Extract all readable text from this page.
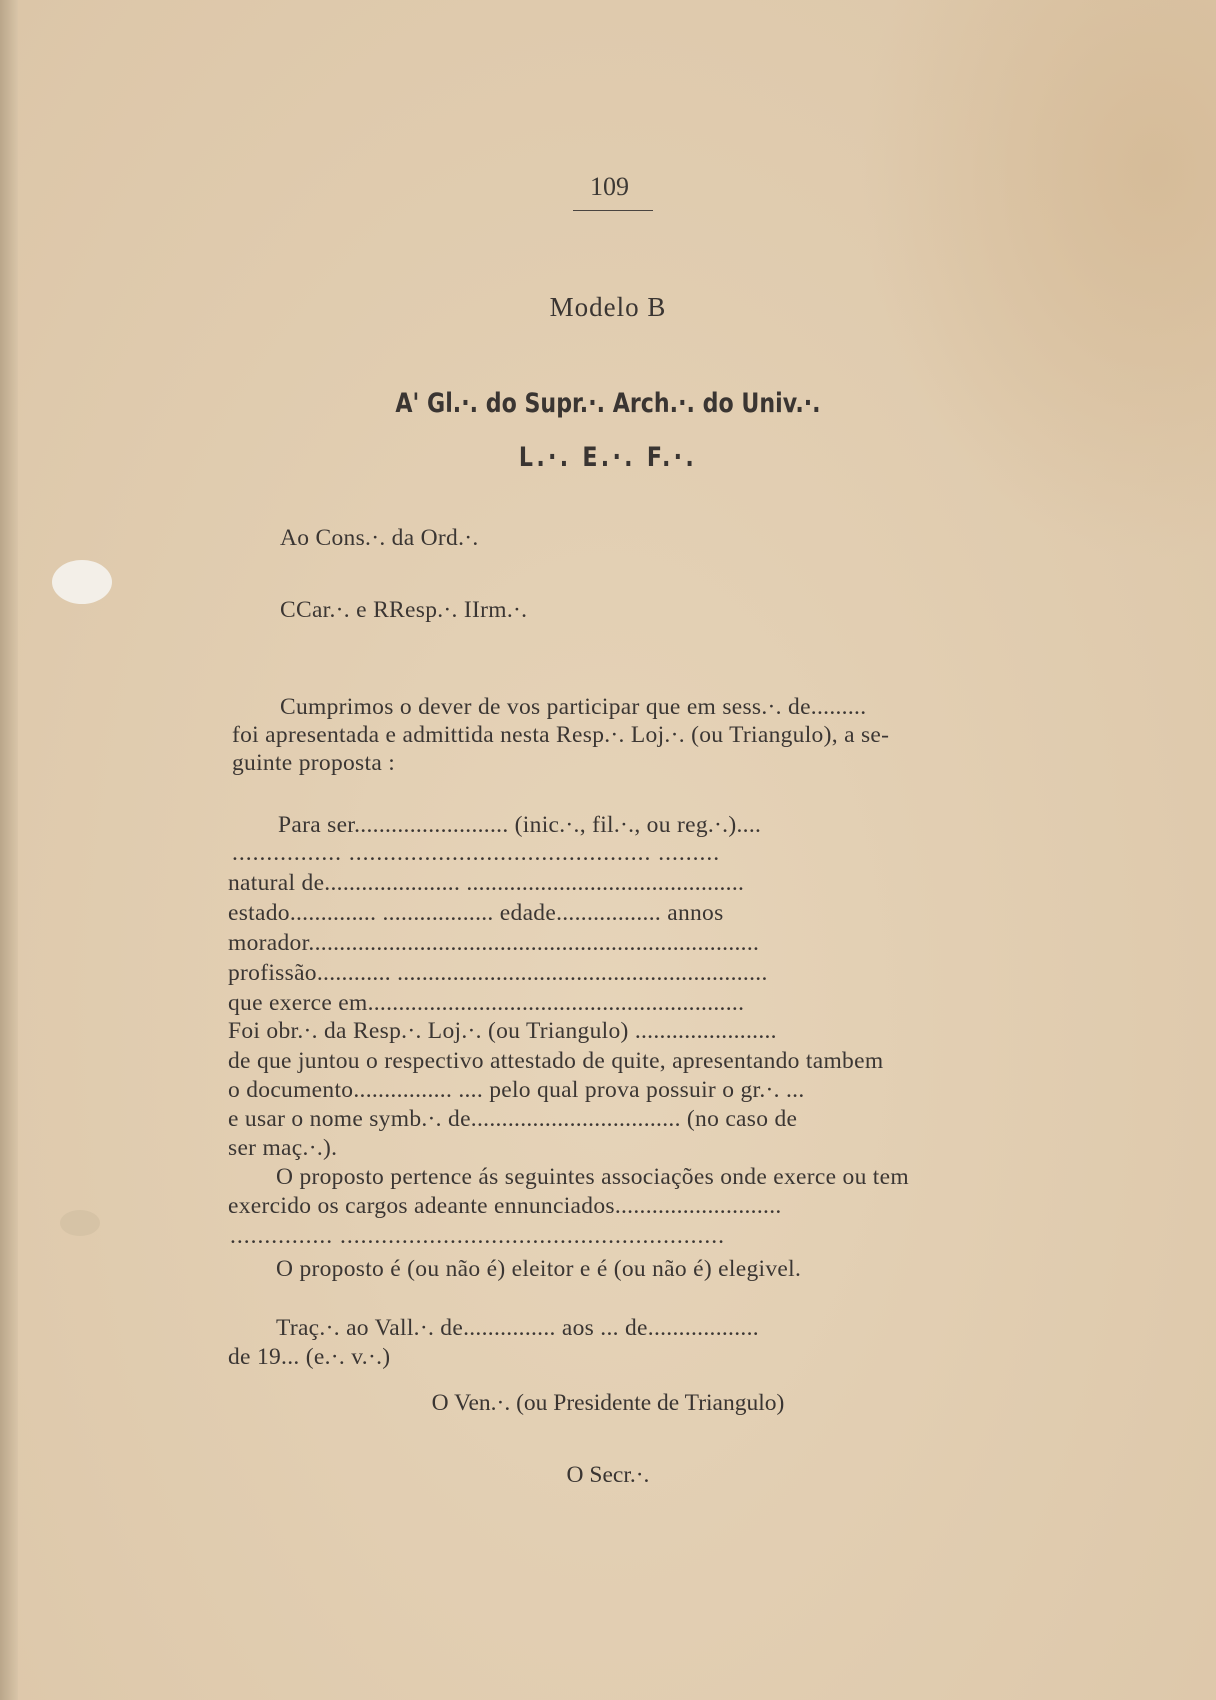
109
Modelo B
A' Gl.·. do Supr.·. Arch.·. do Univ.·.
L.·. E.·. F.·.
Ao Cons.·. da Ord.·.
CCar.·. e RResp.·. IIrm.·.
Cumprimos o dever de vos participar que em sess.·. de.........
foi apresentada e admittida nesta Resp.·. Loj.·. (ou Triangulo), a se-
guinte proposta :
Para ser......................... (inic.·., fil.·., ou reg.·.)....
................ ............................................ .........
natural de...................... .............................................
estado.............. .................. edade................. annos
morador.........................................................................
profissão............ ............................................................
que exerce em.............................................................
Foi obr.·. da Resp.·. Loj.·. (ou Triangulo) .......................
de que juntou o respectivo attestado de quite, apresentando tambem
o documento................ .... pelo qual prova possuir o gr.·. ...
e usar o nome symb.·. de.................................. (no caso de
ser maç.·.).
O proposto pertence ás seguintes associações onde exerce ou tem
exercido os cargos adeante ennunciados...........................
............... ........................................................
O proposto é (ou não é) eleitor e é (ou não é) elegivel.
Traç.·. ao Vall.·. de............... aos ... de..................
de 19... (e.·. v.·.)
O Ven.·. (ou Presidente de Triangulo)
O Secr.·.
